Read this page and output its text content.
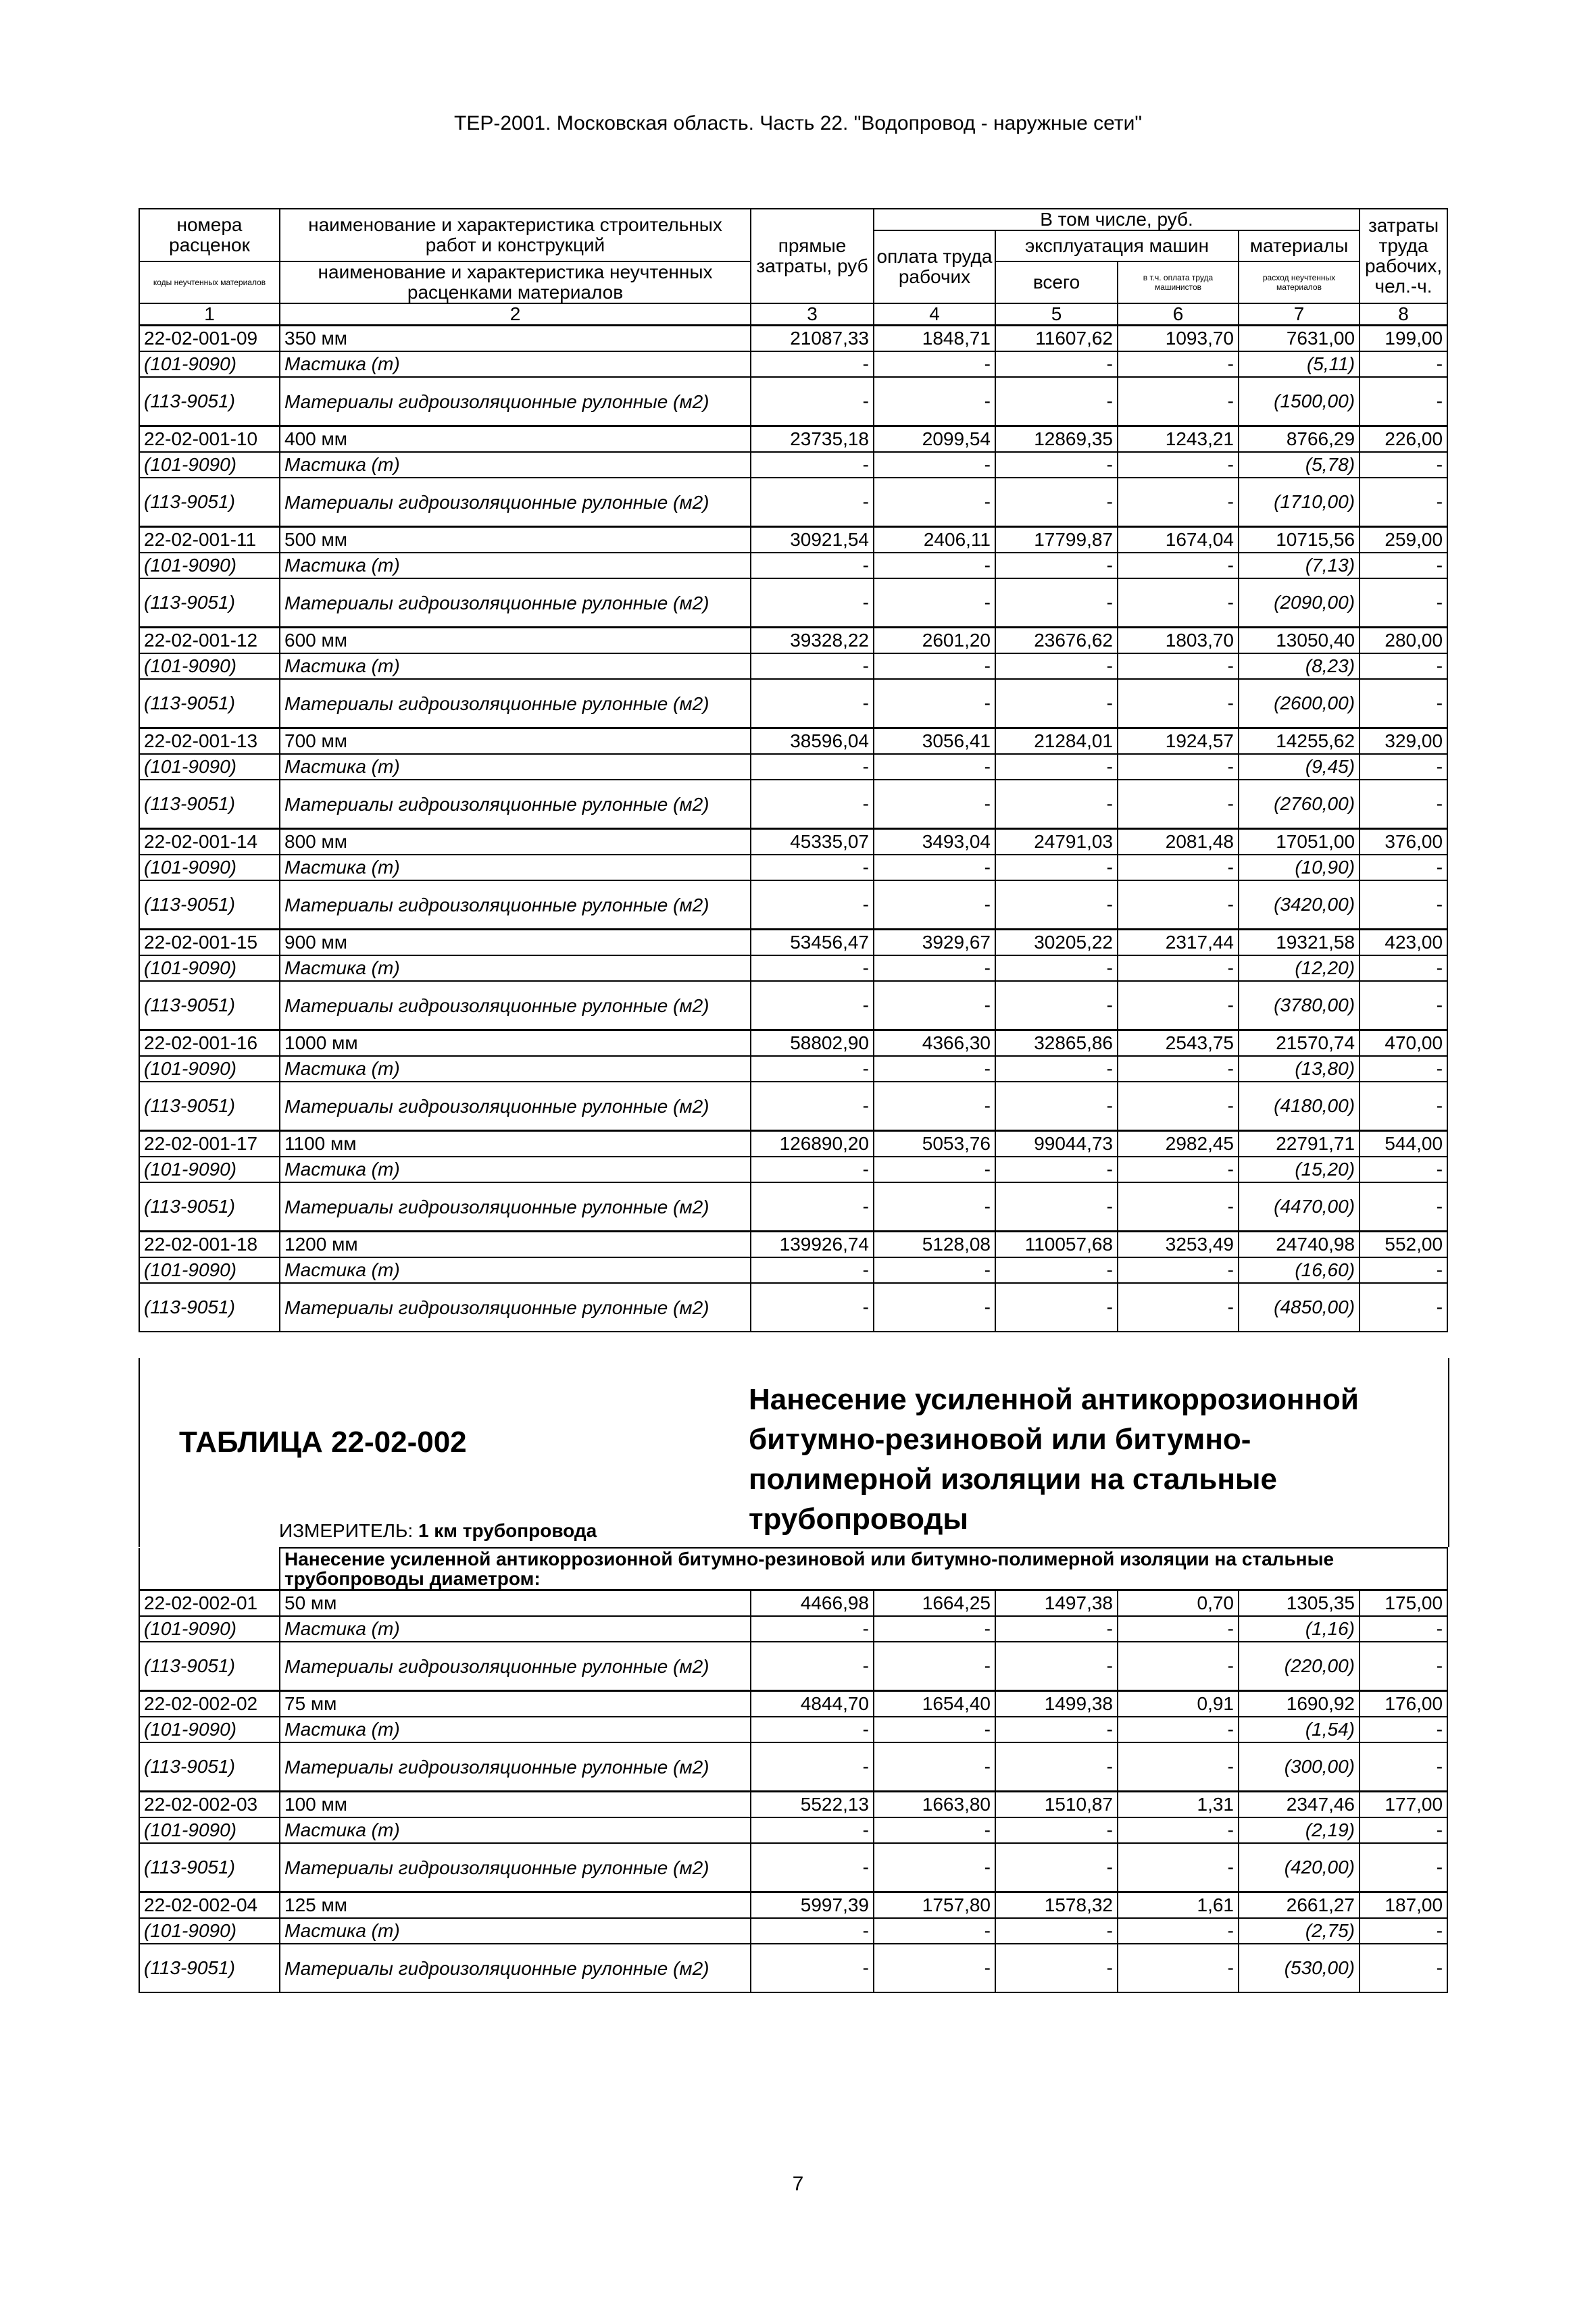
ТЕР-2001. Московская область. Часть 22. "Водопровод - наружные сети"
номера расценок	наименование и характеристика строительных работ и конструкций	прямые затраты, руб	В том числе, руб.				затраты труда рабочих, чел.-ч.
			оплата труда рабочих	эксплуатация машин		материалы	
коды неучтенных материалов	наименование и характеристика неучтенных расценками материалов			всего	в т.ч. оплата труда машинистов	расход неучтенных материалов	

1	2	3	4	5	6	7	8
22-02-001-09	350 мм	21087,33	1848,71	11607,62	1093,70	7631,00	199,00
(101-9090)	Мастика (т)	-	-	-	-	(5,11)	-
(113-9051)	Материалы гидроизоляционные рулонные (м2)	-	-	-	-	(1500,00)	-
22-02-001-10	400 мм	23735,18	2099,54	12869,35	1243,21	8766,29	226,00
(101-9090)	Мастика (т)	-	-	-	-	(5,78)	-
(113-9051)	Материалы гидроизоляционные рулонные (м2)	-	-	-	-	(1710,00)	-
22-02-001-11	500 мм	30921,54	2406,11	17799,87	1674,04	10715,56	259,00
(101-9090)	Мастика (т)	-	-	-	-	(7,13)	-
(113-9051)	Материалы гидроизоляционные рулонные (м2)	-	-	-	-	(2090,00)	-
22-02-001-12	600 мм	39328,22	2601,20	23676,62	1803,70	13050,40	280,00
(101-9090)	Мастика (т)	-	-	-	-	(8,23)	-
(113-9051)	Материалы гидроизоляционные рулонные (м2)	-	-	-	-	(2600,00)	-
22-02-001-13	700 мм	38596,04	3056,41	21284,01	1924,57	14255,62	329,00
(101-9090)	Мастика (т)	-	-	-	-	(9,45)	-
(113-9051)	Материалы гидроизоляционные рулонные (м2)	-	-	-	-	(2760,00)	-
22-02-001-14	800 мм	45335,07	3493,04	24791,03	2081,48	17051,00	376,00
(101-9090)	Мастика (т)	-	-	-	-	(10,90)	-
(113-9051)	Материалы гидроизоляционные рулонные (м2)	-	-	-	-	(3420,00)	-
22-02-001-15	900 мм	53456,47	3929,67	30205,22	2317,44	19321,58	423,00
(101-9090)	Мастика (т)	-	-	-	-	(12,20)	-
(113-9051)	Материалы гидроизоляционные рулонные (м2)	-	-	-	-	(3780,00)	-
22-02-001-16	1000 мм	58802,90	4366,30	32865,86	2543,75	21570,74	470,00
(101-9090)	Мастика (т)	-	-	-	-	(13,80)	-
(113-9051)	Материалы гидроизоляционные рулонные (м2)	-	-	-	-	(4180,00)	-
22-02-001-17	1100 мм	126890,20	5053,76	99044,73	2982,45	22791,71	544,00
(101-9090)	Мастика (т)	-	-	-	-	(15,20)	-
(113-9051)	Материалы гидроизоляционные рулонные (м2)	-	-	-	-	(4470,00)	-
22-02-001-18	1200 мм	139926,74	5128,08	110057,68	3253,49	24740,98	552,00
(101-9090)	Мастика (т)	-	-	-	-	(16,60)	-
(113-9051)	Материалы гидроизоляционные рулонные (м2)	-	-	-	-	(4850,00)	-
ТАБЛИЦА 22-02-002
Нанесение усиленной антикоррозионной битумно-резиновой или битумно-полимерной изоляции на стальные трубопроводы
ИЗМЕРИТЕЛЬ: 1 км трубопровода
	Нанесение усиленной антикоррозионной битумно-резиновой или битумно-полимерной изоляции на стальные трубопроводы диаметром:						
22-02-002-01	50 мм	4466,98	1664,25	1497,38	0,70	1305,35	175,00
(101-9090)	Мастика (т)	-	-	-	-	(1,16)	-
(113-9051)	Материалы гидроизоляционные рулонные (м2)	-	-	-	-	(220,00)	-
22-02-002-02	75 мм	4844,70	1654,40	1499,38	0,91	1690,92	176,00
(101-9090)	Мастика (т)	-	-	-	-	(1,54)	-
(113-9051)	Материалы гидроизоляционные рулонные (м2)	-	-	-	-	(300,00)	-
22-02-002-03	100 мм	5522,13	1663,80	1510,87	1,31	2347,46	177,00
(101-9090)	Мастика (т)	-	-	-	-	(2,19)	-
(113-9051)	Материалы гидроизоляционные рулонные (м2)	-	-	-	-	(420,00)	-
22-02-002-04	125 мм	5997,39	1757,80	1578,32	1,61	2661,27	187,00
(101-9090)	Мастика (т)	-	-	-	-	(2,75)	-
(113-9051)	Материалы гидроизоляционные рулонные (м2)	-	-	-	-	(530,00)	-
7
